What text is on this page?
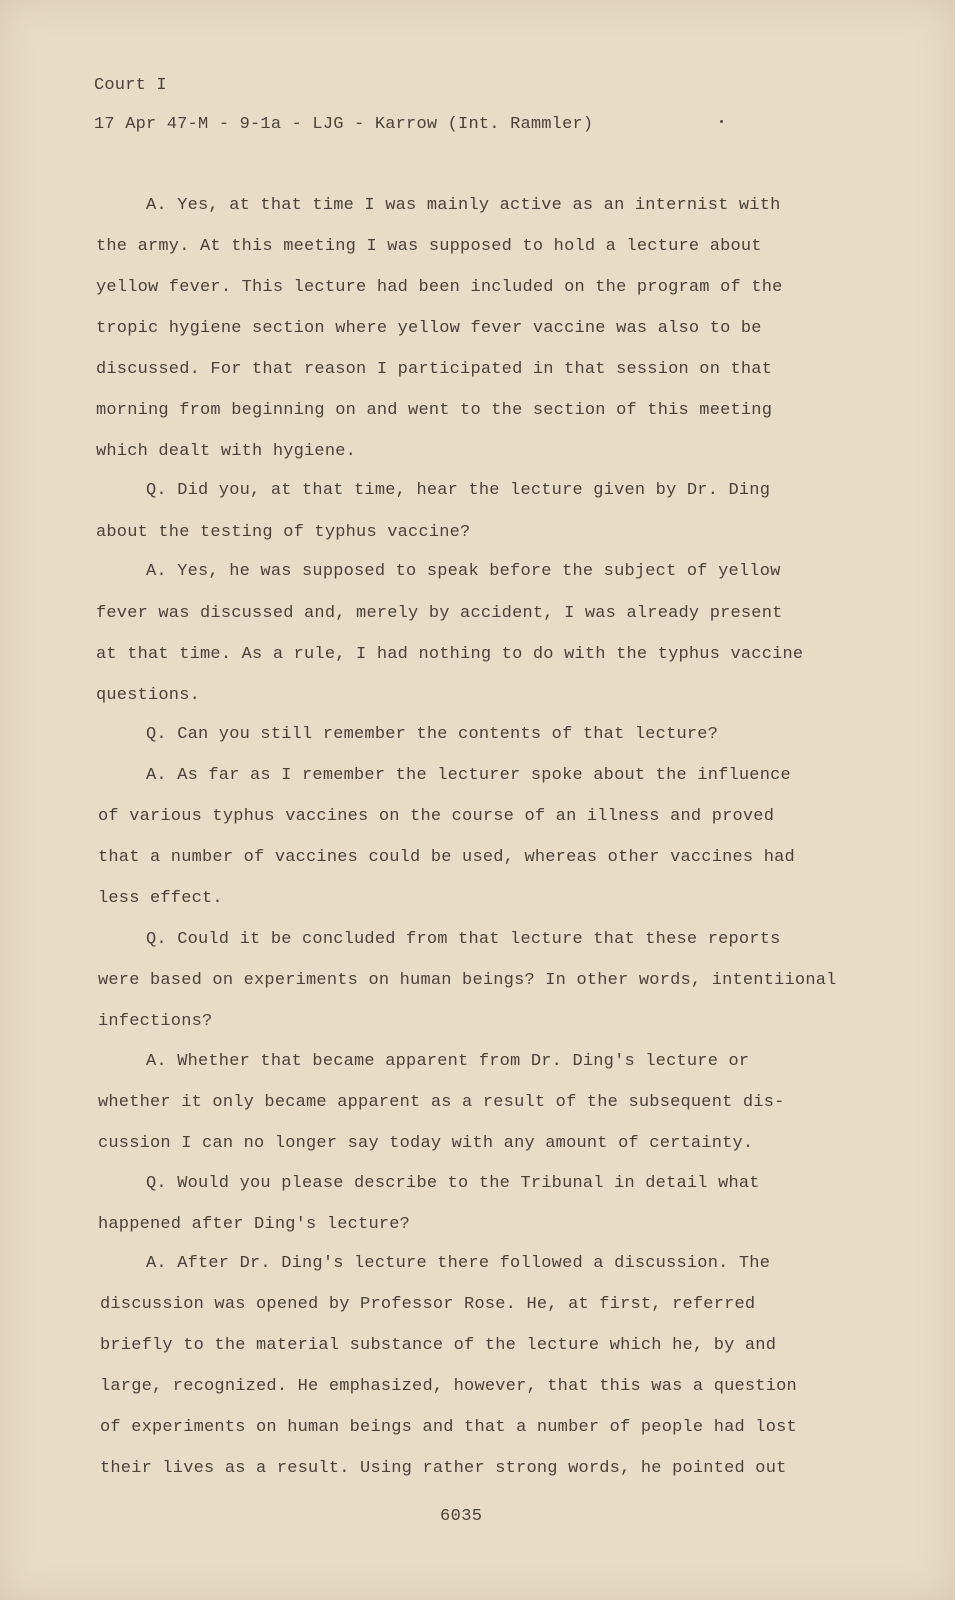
Court I
17 Apr 47-M - 9-1a - LJG - Karrow (Int. Rammler)
A. Yes, at that time I was mainly active as an internist with
the army. At this meeting I was supposed to hold a lecture about
yellow fever. This lecture had been included on the program of the
tropic hygiene section where yellow fever vaccine was also to be
discussed. For that reason I participated in that session on that
morning from beginning on and went to the section of this meeting
which dealt with hygiene.
Q. Did you, at that time, hear the lecture given by Dr. Ding
about the testing of typhus vaccine?
A. Yes, he was supposed to speak before the subject of yellow
fever was discussed and, merely by accident, I was already present
at that time. As a rule, I had nothing to do with the typhus vaccine
questions.
Q. Can you still remember the contents of that lecture?
A. As far as I remember the lecturer spoke about the influence
of various typhus vaccines on the course of an illness and proved
that a number of vaccines could be used, whereas other vaccines had
less effect.
Q. Could it be concluded from that lecture that these reports
were based on experiments on human beings? In other words, intentiional
infections?
A. Whether that became apparent from Dr. Ding's lecture or
whether it only became apparent as a result of the subsequent dis-
cussion I can no longer say today with any amount of certainty.
Q. Would you please describe to the Tribunal in detail what
happened after Ding's lecture?
A. After Dr. Ding's lecture there followed a discussion. The
discussion was opened by Professor Rose. He, at first, referred
briefly to the material substance of the lecture which he, by and
large, recognized. He emphasized, however, that this was a question
of experiments on human beings and that a number of people had lost
their lives as a result. Using rather strong words, he pointed out
6035
